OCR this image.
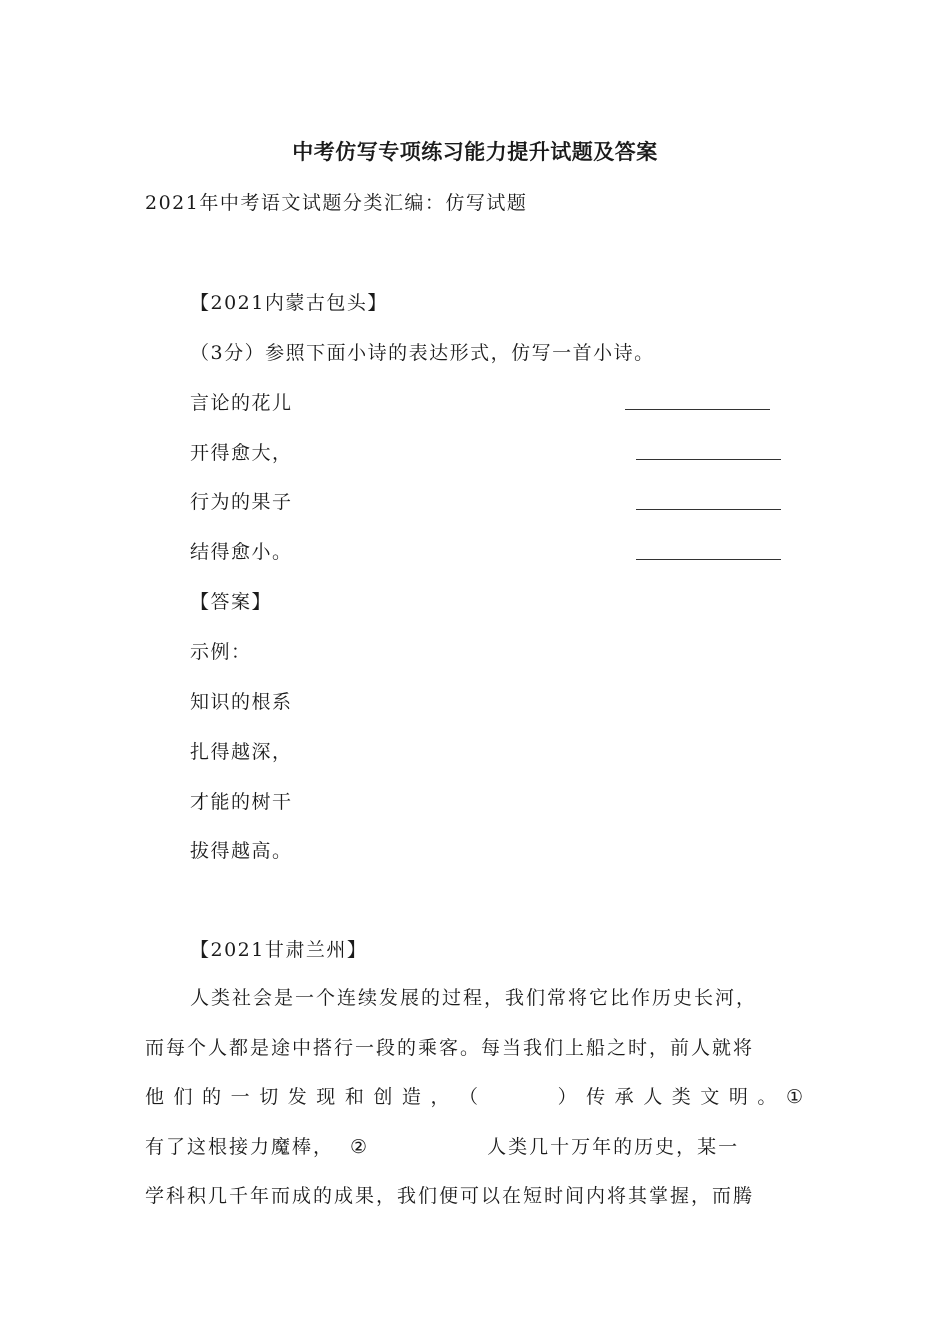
中考仿写专项练习能力提升试题及答案
2021年中考语文试题分类汇编：仿写试题
【2021内蒙古包头】
（3分）参照下面小诗的表达形式，仿写一首小诗。
言论的花儿
开得愈大，
行为的果子
结得愈小。
【答案】
示例：
知识的根系
扎得越深，
才能的树干
拔得越高。
【2021甘肃兰州】

人类社会是一个连续发展的过程，我们常将它比作历史长河，

而每个人都是途中搭行一段的乘客。每当我们上船之时，前人就将

他 们 的 一 切 发 现 和 创 造 ， （	） 传 承 人 类 文 明 。 ①

有了这根接力魔棒， ②	人类几十万年的历史，某一

学科积几千年而成的成果，我们便可以在短时间内将其掌握，而腾
